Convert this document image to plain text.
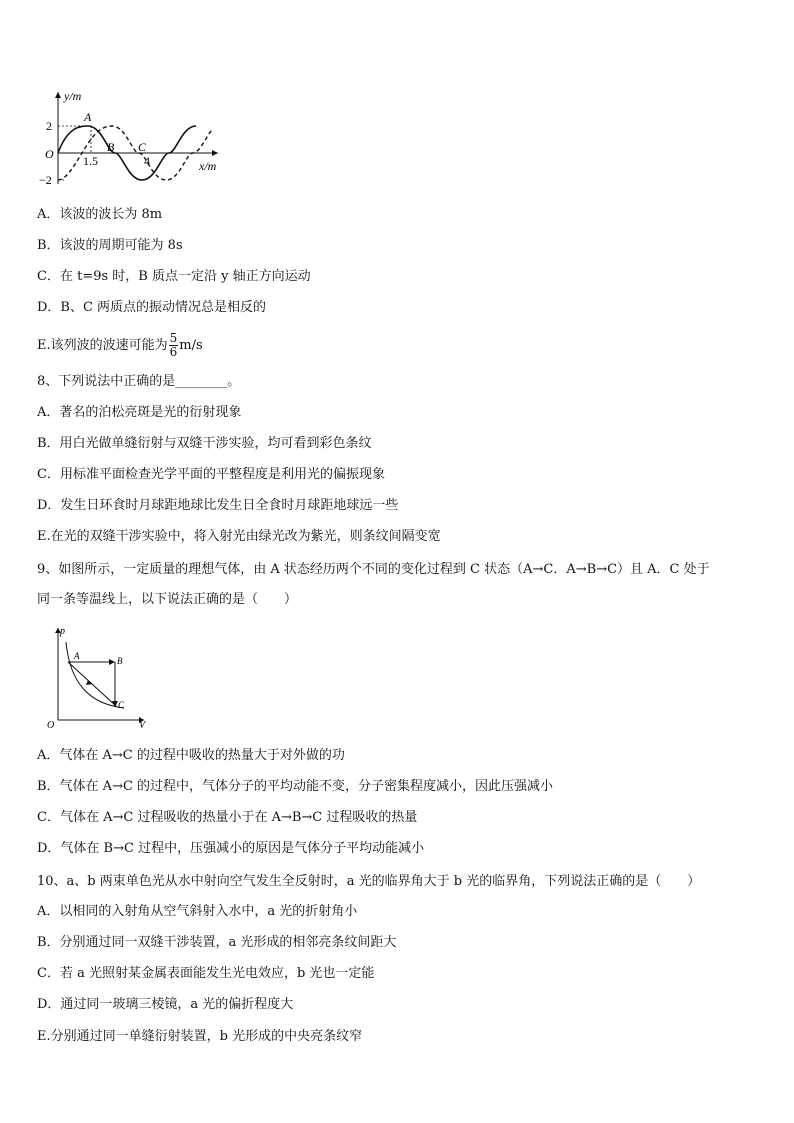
y/m
x/m
O
2
−2
1.5	4
A
B C
A．该波的波长为 8m
B．该波的周期可能为 8s
C．在 t=9s 时，B 质点一定沿 y 轴正方向运动
D．B、C 两质点的振动情况总是相反的
E.该列波的波速可能为 $\frac{5}{6} m/s$
8、下列说法中正确的是________。
A．著名的泊松亮斑是光的衍射现象
B．用白光做单缝衍射与双缝干涉实验，均可看到彩色条纹
C．用标准平面检查光学平面的平整程度是利用光的偏振现象
D．发生日环食时月球距地球比发生日全食时月球距地球远一些
E.在光的双缝干涉实验中，将入射光由绿光改为紫光，则条纹间隔变宽
9、如图所示，一定质量的理想气体，由 A 状态经历两个不同的变化过程到 C 状态（A→C．A→B→C）且 A．C 处于
同一条等温线上，以下说法正确的是（　　）
p
V
O
A	B
C
A．气体在 A→C 的过程中吸收的热量大于对外做的功
B．气体在 A→C 的过程中，气体分子的平均动能不变，分子密集程度减小，因此压强减小
C．气体在 A→C 过程吸收的热量小于在 A→B→C 过程吸收的热量
D．气体在 B→C 过程中，压强减小的原因是气体分子平均动能减小
10、a、b 两束单色光从水中射向空气发生全反射时，a 光的临界角大于 b 光的临界角，下列说法正确的是（　　）
A．以相同的入射角从空气斜射入水中，a 光的折射角小
B．分别通过同一双缝干涉装置，a 光形成的相邻亮条纹间距大
C．若 a 光照射某金属表面能发生光电效应，b 光也一定能
D．通过同一玻璃三棱镜，a 光的偏折程度大
E.分别通过同一单缝衍射装置，b 光形成的中央亮条纹窄
